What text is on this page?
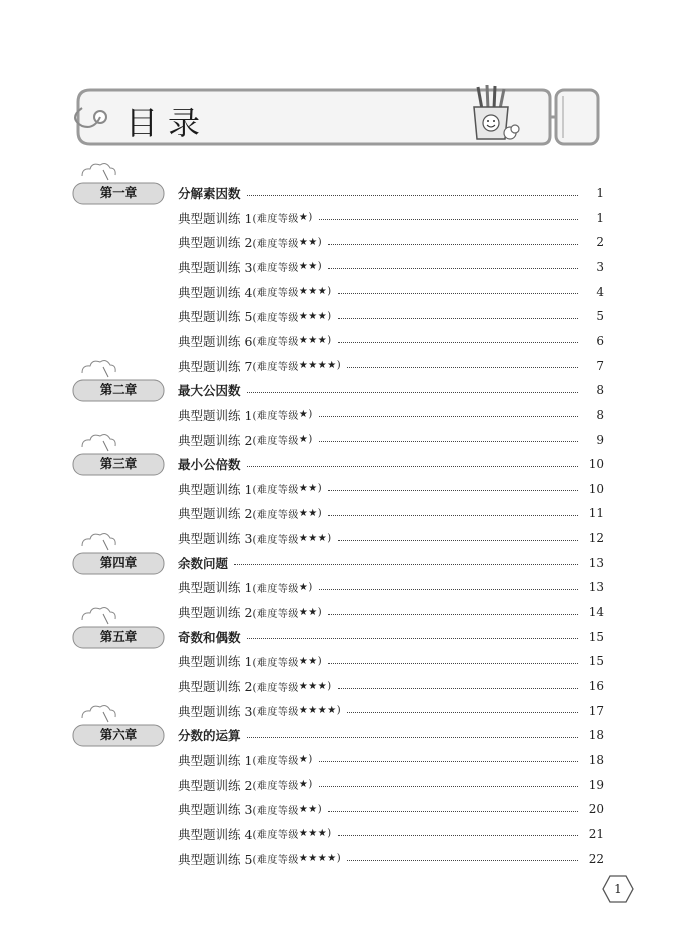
目录
第一章	分解素因数	1
典型题训练 1 (难度等级 ★ )	1
典型题训练 2 (难度等级 ★★ )	2
典型题训练 3 (难度等级 ★★ )	3
典型题训练 4 (难度等级 ★★★ )	4
典型题训练 5 (难度等级 ★★★ )	5
典型题训练 6 (难度等级 ★★★ )	6
典型题训练 7 (难度等级 ★★★★ )	7
第二章	最大公因数	8
典型题训练 1 (难度等级 ★ )	8
典型题训练 2 (难度等级 ★ )	9
第三章	最小公倍数	10
典型题训练 1 (难度等级 ★★ )	10
典型题训练 2 (难度等级 ★★ )	11
典型题训练 3 (难度等级 ★★★ )	12
第四章	余数问题	13
典型题训练 1 (难度等级 ★ )	13
典型题训练 2 (难度等级 ★★ )	14
第五章	奇数和偶数	15
典型题训练 1 (难度等级 ★★ )	15
典型题训练 2 (难度等级 ★★★ )	16
典型题训练 3 (难度等级 ★★★★ )	17
第六章	分数的运算	18
典型题训练 1 (难度等级 ★ )	18
典型题训练 2 (难度等级 ★ )	19
典型题训练 3 (难度等级 ★★ )	20
典型题训练 4 (难度等级 ★★★ )	21
典型题训练 5 (难度等级 ★★★★ )	22
1
